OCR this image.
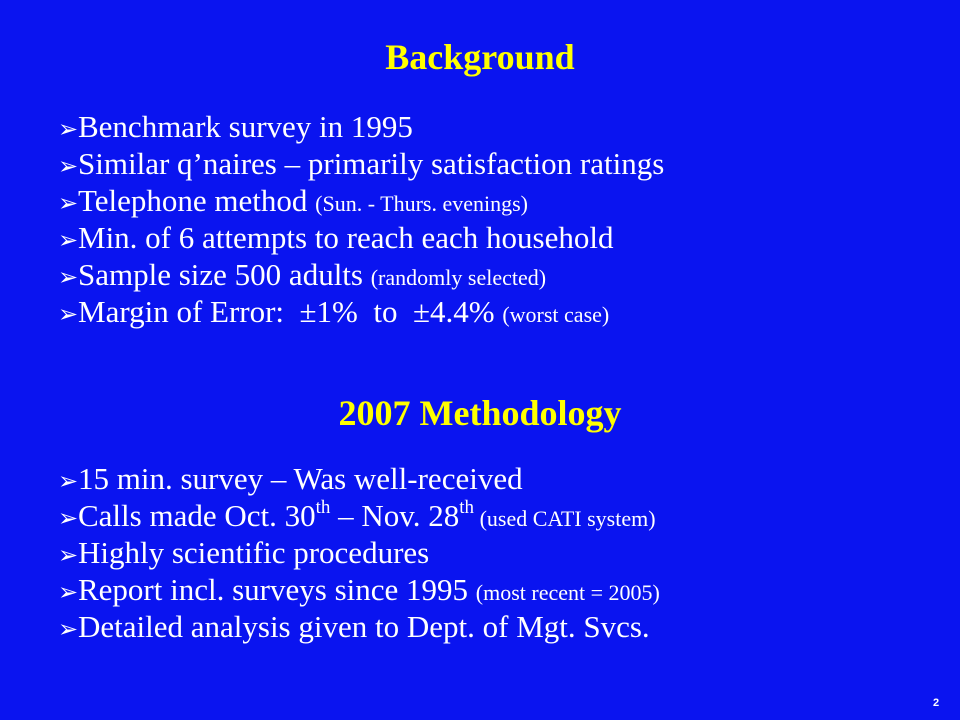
Background
➢ Benchmark survey in 1995
➢ Similar q’naires – primarily satisfaction ratings
➢ Telephone method (Sun. - Thurs. evenings)
➢ Min. of 6 attempts to reach each household
➢ Sample size 500 adults (randomly selected)
➢ Margin of Error:  ±1%  to  ±4.4% (worst case)
2007 Methodology
➢ 15 min. survey – Was well-received
➢ Calls made Oct. 30th – Nov. 28th (used CATI system)
➢ Highly scientific procedures
➢ Report incl. surveys since 1995 (most recent = 2005)
➢ Detailed analysis given to Dept. of Mgt. Svcs.
2
